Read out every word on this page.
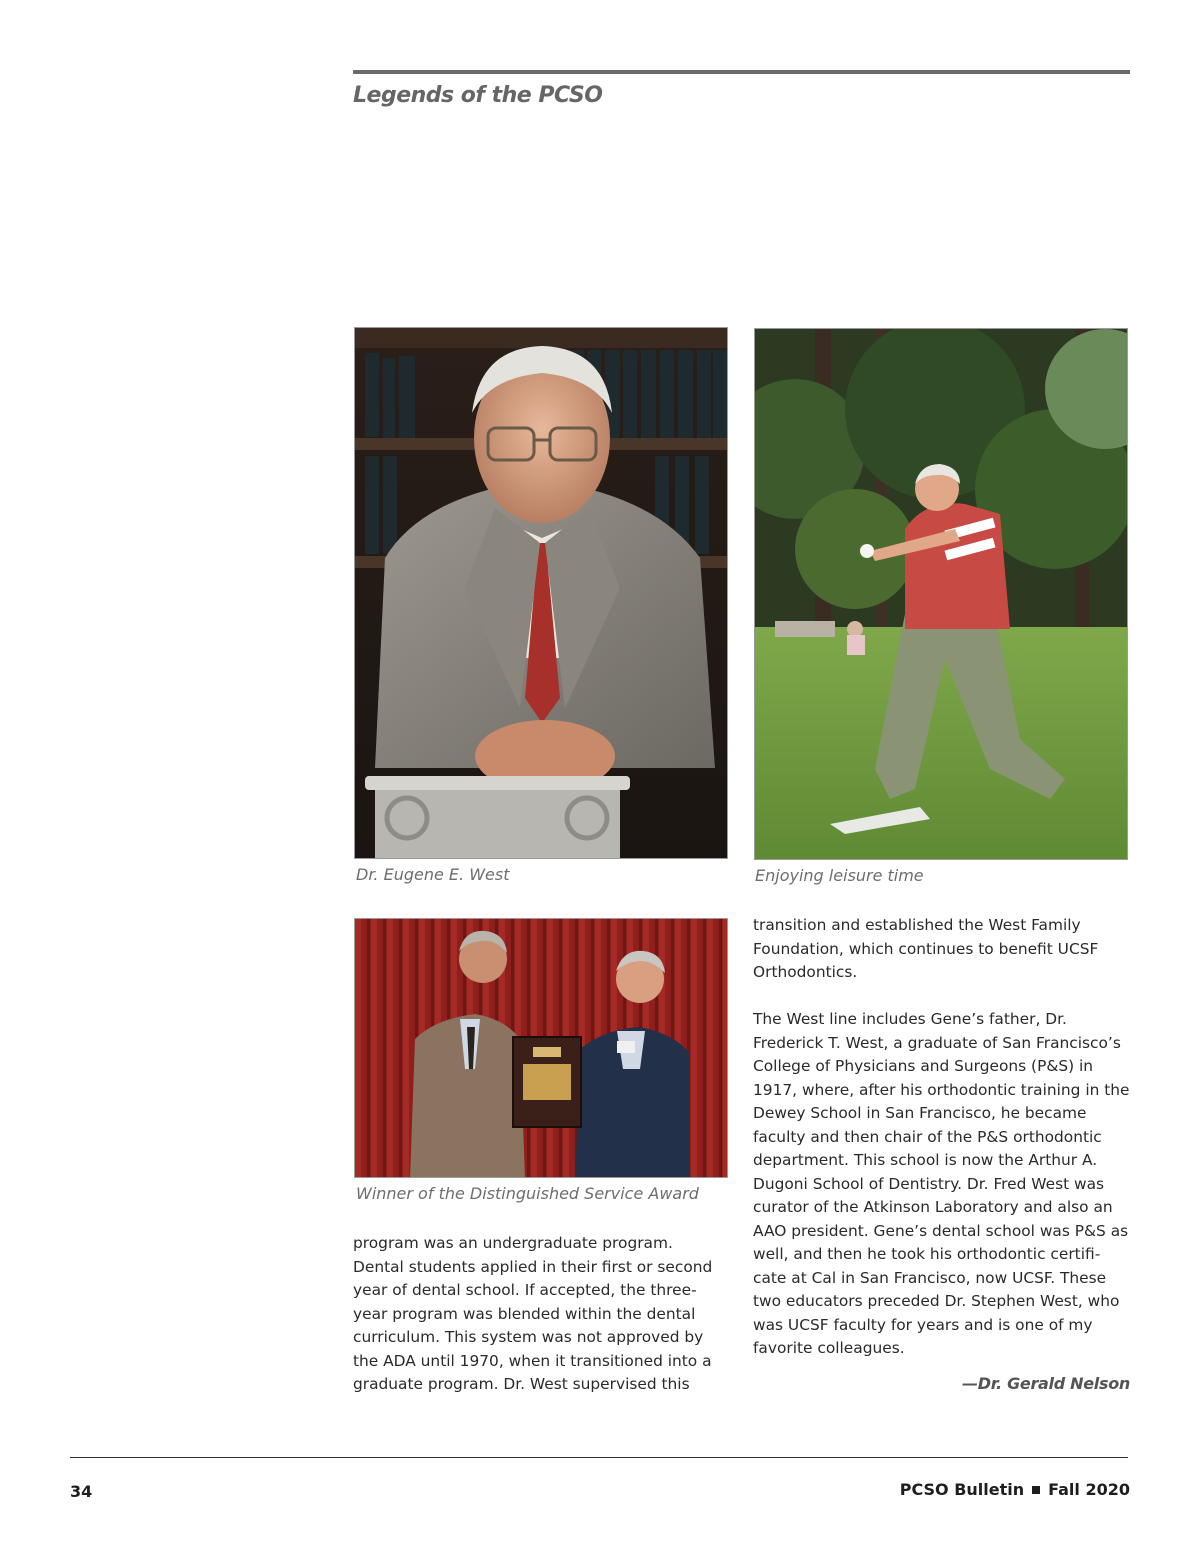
Legends of the PCSO
Dr. Eugene E. West	Enjoying leisure time
Winner of the Distinguished Service Award

program was an undergraduate program. Dental students applied in their first or second year of dental school. If accepted, the three-year program was blended within the dental curriculum. This system was not approved by the ADA until 1970, when it transitioned into a graduate program. Dr. West supervised this

transition and established the West Family Foundation, which continues to benefit UCSF Orthodontics.

The West line includes Gene’s father, Dr. Frederick T. West, a graduate of San Francisco’s College of Physicians and Surgeons (P&S) in 1917, where, after his orthodontic training in the Dewey School in San Francisco, he became faculty and then chair of the P&S orthodontic department. This school is now the Arthur A. Dugoni School of Dentistry. Dr. Fred West was curator of the Atkinson Laboratory and also an AAO president. Gene’s dental school was P&S as well, and then he took his orthodontic certifi-cate at Cal in San Francisco, now UCSF. These two educators preceded Dr. Stephen West, who was UCSF faculty for years and is one of my favorite colleagues.

—Dr. Gerald Nelson
34	PCSO Bulletin Fall 2020
